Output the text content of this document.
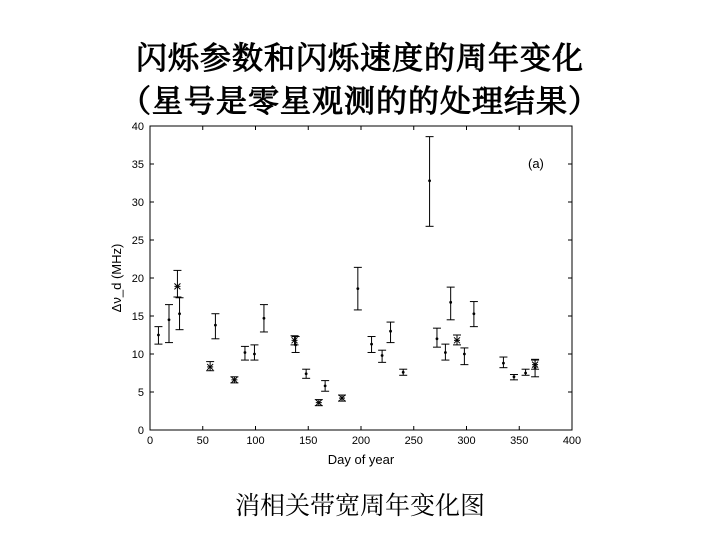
闪烁参数和闪烁速度的周年变化
（星号是零星观测的的处理结果）
0	50	100	150	200	250	300	350	400
0
5
10
15
20
25
30
35
40
(a)
Day of year
Δν_d (MHz)
消相关带宽周年变化图
